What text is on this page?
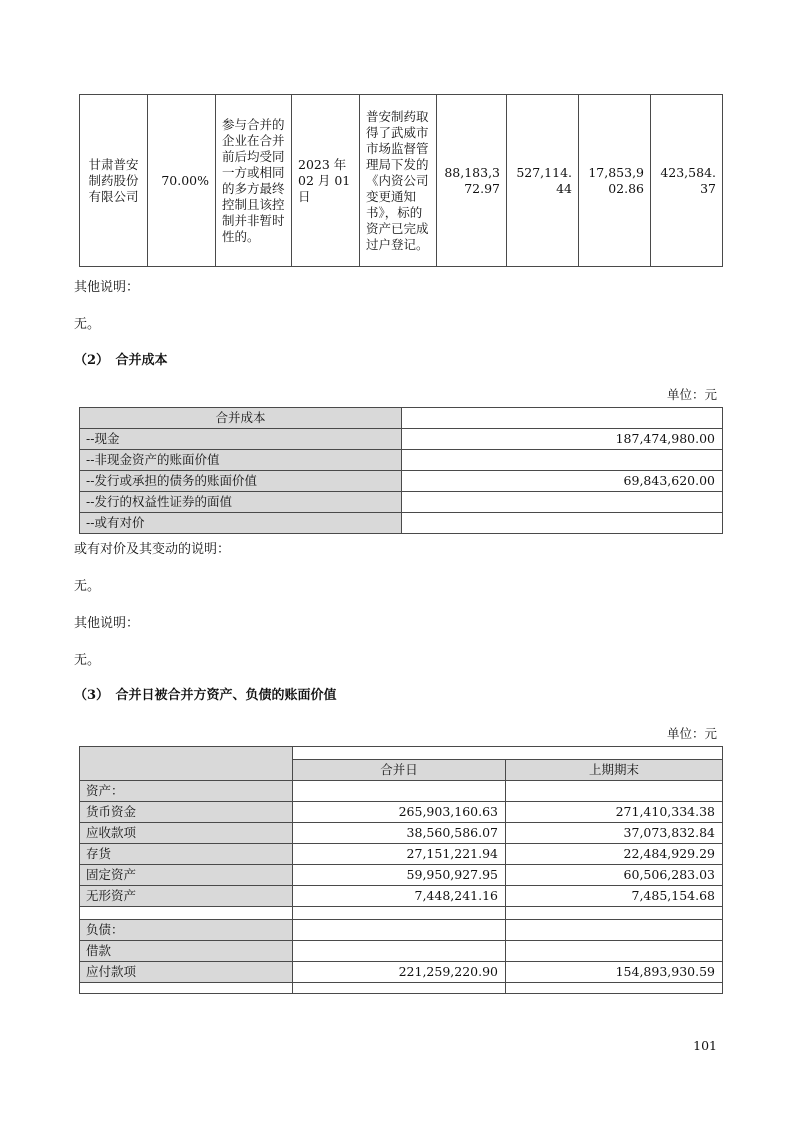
甘肃普安制药股份有限公司	70.00%	参与合并的企业在合并前后均受同一方或相同的多方最终控制且该控制并非暂时性的。	2023 年 02 月 01 日	普安制药取得了武威市市场监督管理局下发的《内资公司变更通知书》，标的资产已完成过户登记。	88,183,372.97	527,114.44	17,853,902.86	423,584.37

其他说明：

无。

（2）　合并成本
单位：元
合并成本	
--现金	187,474,980.00
--非现金资产的账面价值	
--发行或承担的债务的账面价值	69,843,620.00
--发行的权益性证券的面值	
--或有对价	

或有对价及其变动的说明：

无。

其他说明：

无。

（3）　合并日被合并方资产、负债的账面价值
单位：元

	合并日	上期期末
资产：		
货币资金	265,903,160.63	271,410,334.38
应收款项	38,560,586.07	37,073,832.84
存货	27,151,221.94	22,484,929.29
固定资产	59,950,927.95	60,506,283.03
无形资产	7,448,241.16	7,485,154.68

负债：		
借款		
应付款项	221,259,220.90	154,893,930.59

101
